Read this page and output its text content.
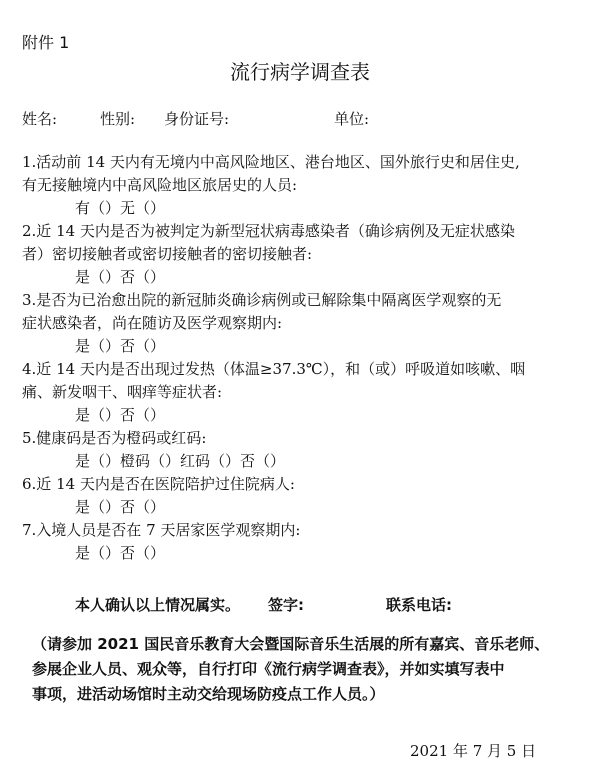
附件 1
流行病学调查表
姓名:	性别: 身份证号:	单位:
1.活动前 14 天内有无境内中高风险地区、港台地区、国外旅行史和居住史,
有无接触境内中高风险地区旅居史的人员:
有（）无（）
2.近 14 天内是否为被判定为新型冠状病毒感染者（确诊病例及无症状感染
者）密切接触者或密切接触者的密切接触者:
是（）否（）
3.是否为已治愈出院的新冠肺炎确诊病例或已解除集中隔离医学观察的无
症状感染者，尚在随访及医学观察期内:
是（）否（）
4.近 14 天内是否出现过发热（体温≥37.3℃），和（或）呼吸道如咳嗽、咽
痛、新发咽干、咽痒等症状者:
是（）否（）
5.健康码是否为橙码或红码:
是（）橙码（）红码（）否（）
6.近 14 天内是否在医院陪护过住院病人:
是（）否（）
7.入境人员是否在 7 天居家医学观察期内:
是（）否（）
本人确认以上情况属实。 签字:	联系电话:
（请参加 2021 国民音乐教育大会暨国际音乐生活展的所有嘉宾、音乐老师、
参展企业人员、观众等，自行打印《流行病学调查表》，并如实填写表中
事项，进活动场馆时主动交给现场防疫点工作人员。）
2021 年 7 月 5 日
